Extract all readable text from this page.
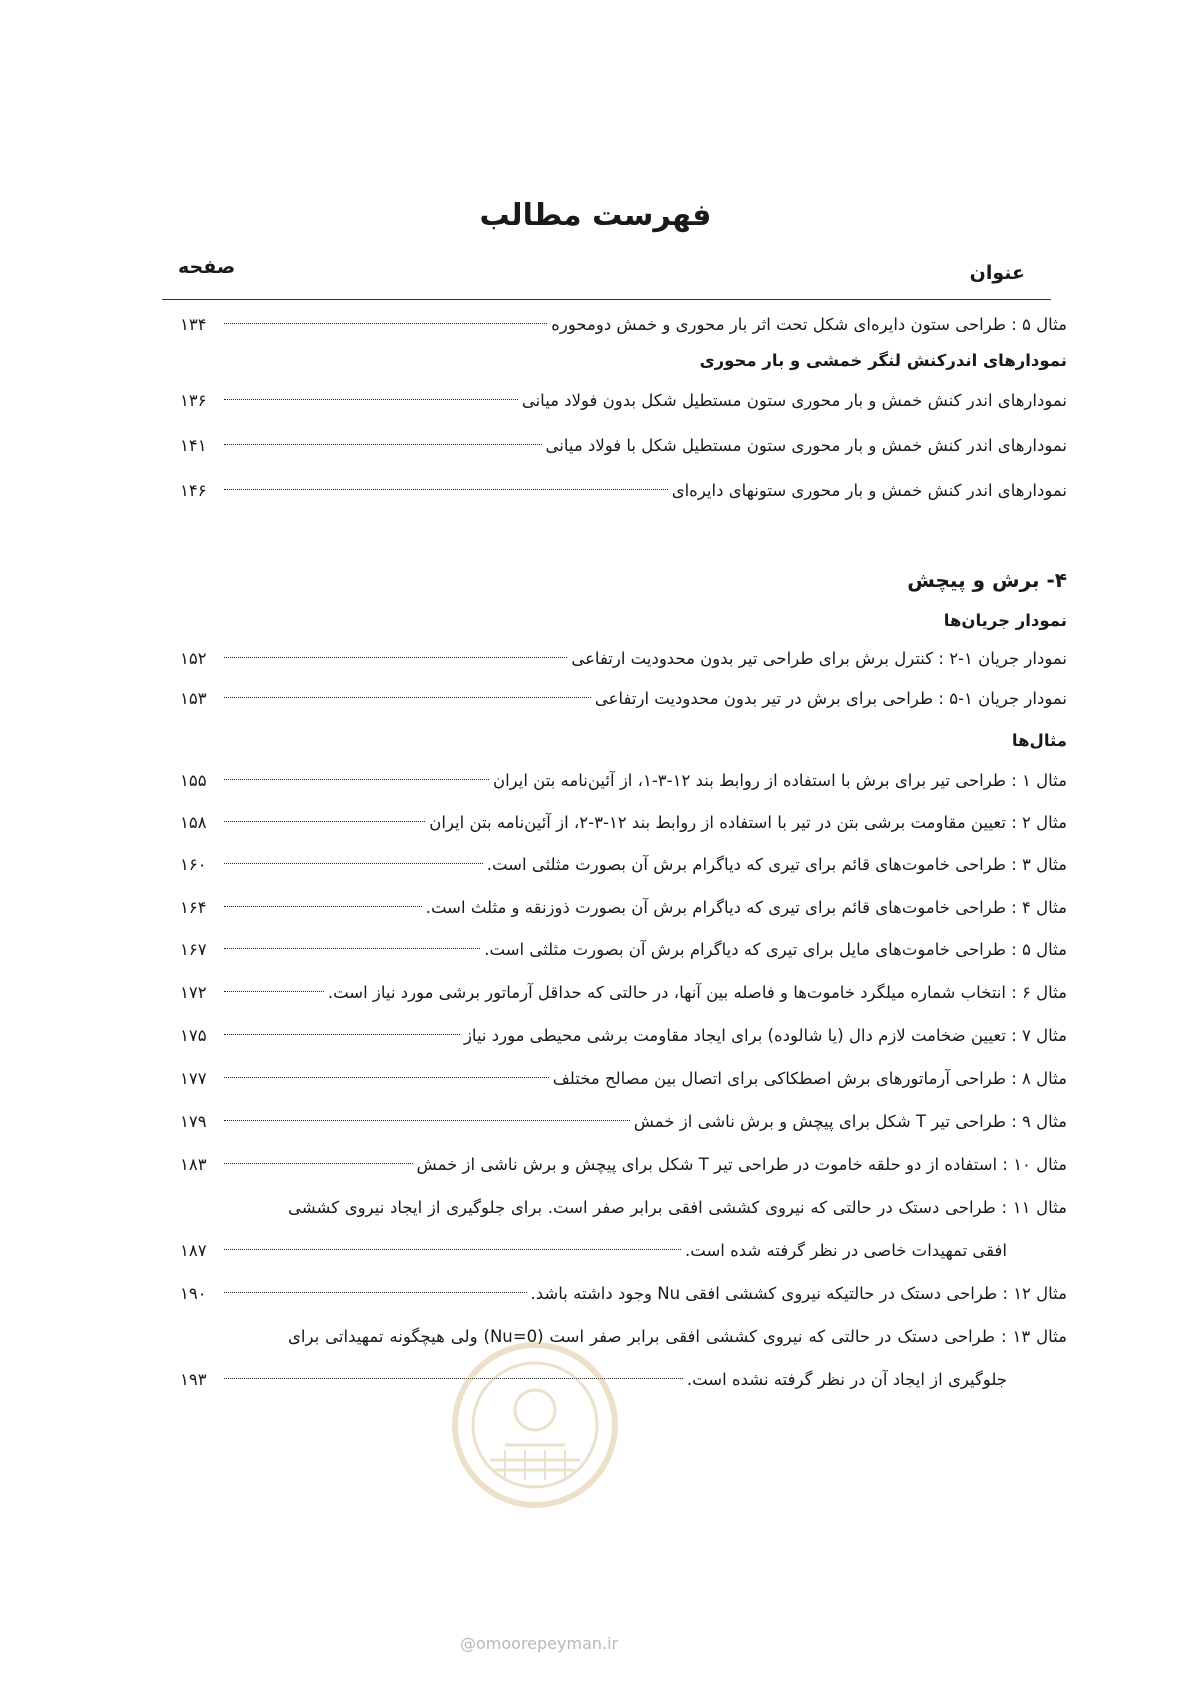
فهرست مطالب
عنوان
صفحه
مثال ۵ : طراحی ستون دایره‌ای شکل تحت اثر بار محوری و خمش دومحوره
۱۳۴
نمودارهای اندرکنش لنگر خمشی و بار محوری
نمودارهای اندر کنش خمش و بار محوری ستون مستطیل شکل بدون فولاد میانی
۱۳۶
نمودارهای اندر کنش خمش و بار محوری ستون مستطیل شکل با فولاد میانی
۱۴۱
نمودارهای اندر کنش خمش و بار محوری ستونهای دایره‌ای
۱۴۶
۴- برش و پیچش
نمودار جریان‌ها
نمودار جریان ۱-۲ : کنترل برش برای طراحی تیر بدون محدودیت ارتفاعی
۱۵۲
نمودار جریان ۱-۵ : طراحی برای برش در تیر بدون محدودیت ارتفاعی
۱۵۳
مثال‌ها
مثال ۱ : طراحی تیر برای برش با استفاده از روابط بند ۱۲-۳-۱، از آئین‌نامه بتن ایران
۱۵۵
مثال ۲ : تعیین مقاومت برشی بتن در تیر با استفاده از روابط بند ۱۲-۳-۲، از آئین‌نامه بتن ایران
۱۵۸
مثال ۳ : طراحی خاموت‌های قائم برای تیری که دیاگرام برش آن بصورت مثلثی است.
۱۶۰
مثال ۴ : طراحی خاموت‌های قائم برای تیری که دیاگرام برش آن بصورت ذوزنقه و مثلث است.
۱۶۴
مثال ۵ : طراحی خاموت‌های مایل برای تیری که دیاگرام برش آن بصورت مثلثی است.
۱۶۷
مثال ۶ : انتخاب شماره میلگرد خاموت‌ها و فاصله بین آنها، در حالتی که حداقل آرماتور برشی مورد نیاز است.
۱۷۲
مثال ۷ : تعیین ضخامت لازم دال (یا شالوده) برای ایجاد مقاومت برشی محیطی مورد نیاز
۱۷۵
مثال ۸ : طراحی آرماتورهای برش اصطکاکی برای اتصال بین مصالح مختلف
۱۷۷
مثال ۹ : طراحی تیر T شکل برای پیچش و برش ناشی از خمش
۱۷۹
مثال ۱۰ : استفاده از دو حلقه خاموت در طراحی تیر T شکل برای پیچش و برش ناشی از خمش
۱۸۳
مثال ۱۱ : طراحی دستک در حالتی که نیروی کششی افقی برابر صفر است. برای جلوگیری از ایجاد نیروی کششی
افقی تمهیدات خاصی در نظر گرفته شده است.
۱۸۷
مثال ۱۲ : طراحی دستک در حالتیکه نیروی کششی افقی Nu وجود داشته باشد.
۱۹۰
مثال ۱۳ : طراحی دستک در حالتی که نیروی کششی افقی برابر صفر است (Nu=0) ولی هیچگونه تمهیداتی برای
جلوگیری از ایجاد آن در نظر گرفته نشده است.
۱۹۳
@omoorepeyman.ir
